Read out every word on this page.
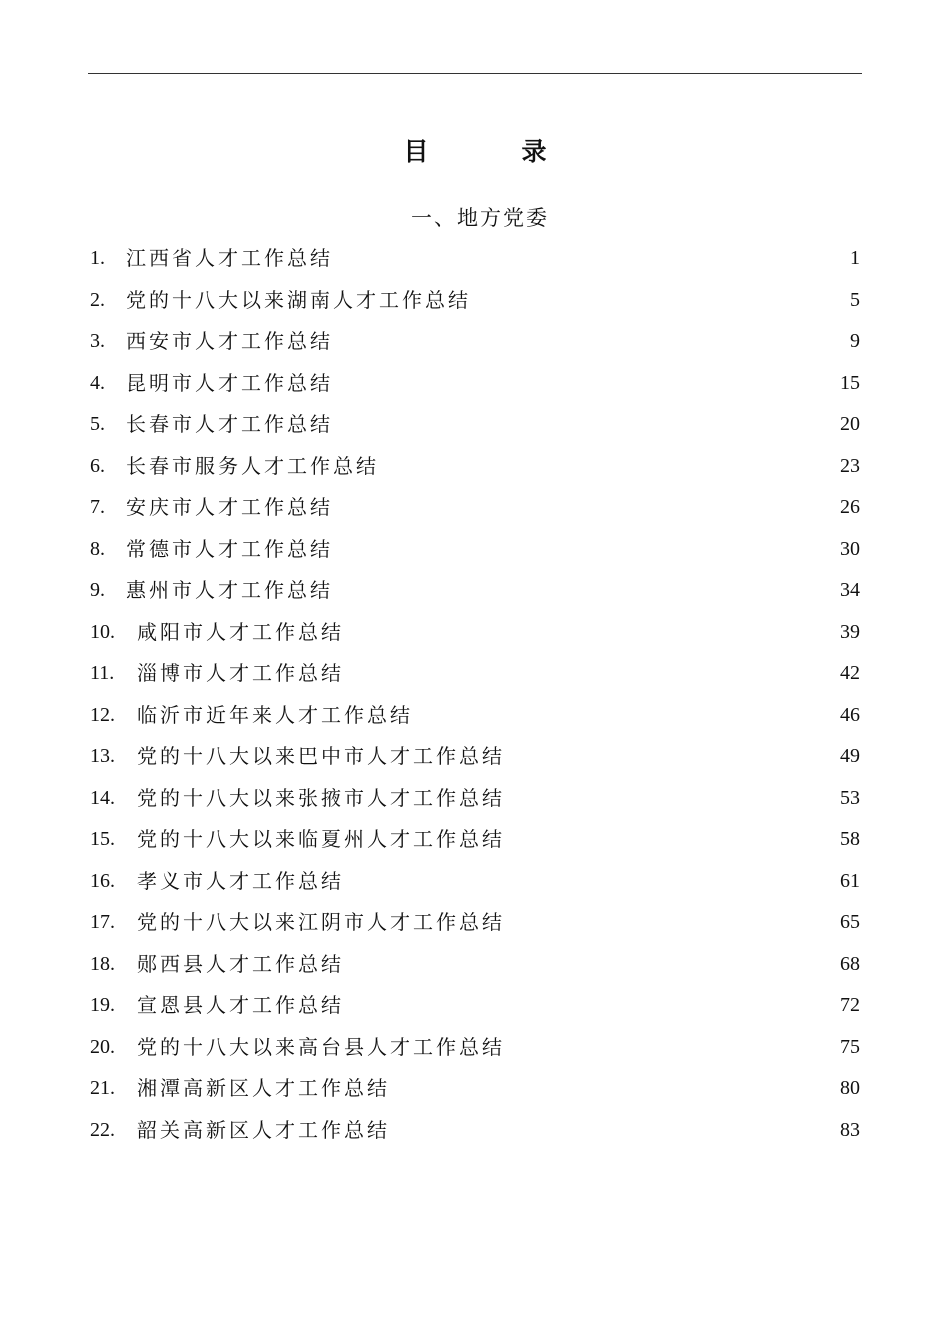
目　录
一、地方党委
1.	江西省人才工作总结	1
2.	党的十八大以来湖南人才工作总结	5
3.	西安市人才工作总结	9
4.	昆明市人才工作总结	15
5.	长春市人才工作总结	20
6.	长春市服务人才工作总结	23
7.	安庆市人才工作总结	26
8.	常德市人才工作总结	30
9.	惠州市人才工作总结	34
10.	咸阳市人才工作总结	39
11.	淄博市人才工作总结	42
12.	临沂市近年来人才工作总结	46
13.	党的十八大以来巴中市人才工作总结	49
14.	党的十八大以来张掖市人才工作总结	53
15.	党的十八大以来临夏州人才工作总结	58
16.	孝义市人才工作总结	61
17.	党的十八大以来江阴市人才工作总结	65
18.	郧西县人才工作总结	68
19.	宣恩县人才工作总结	72
20.	党的十八大以来高台县人才工作总结	75
21.	湘潭高新区人才工作总结	80
22.	韶关高新区人才工作总结	83
